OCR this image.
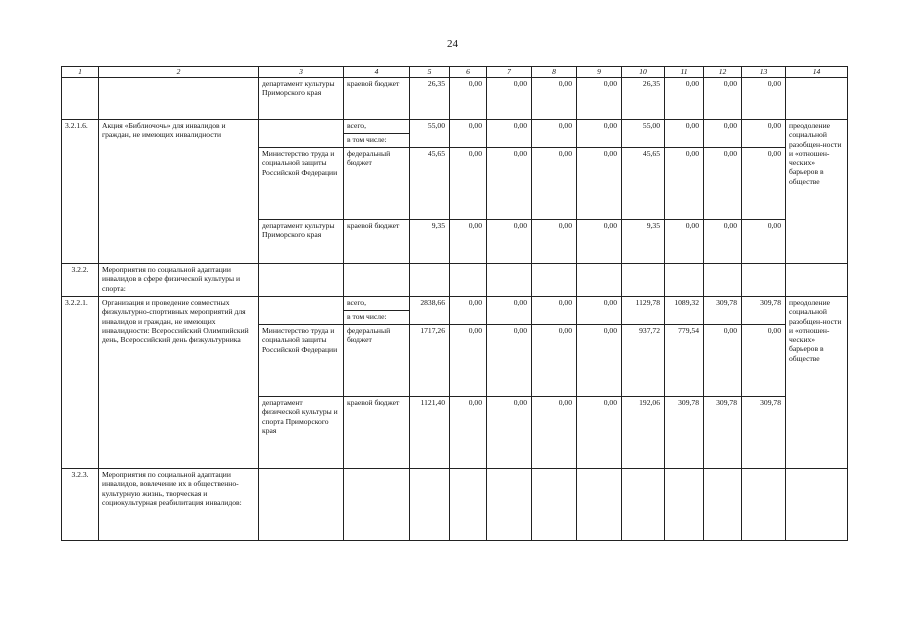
24
1	2	3	4	5	6	7	8	9	10	11	12	13	14
		департамент культуры Приморского края	краевой бюджет	26,35	0,00	0,00	0,00	0,00	26,35	0,00	0,00	0,00	
3.2.1.6.	Акция «Библиочочь» для инвалидов и граждан, не имеющих инвалидности		всего,	55,00	0,00	0,00	0,00	0,00	55,00	0,00	0,00	0,00	преодоление социальной разобщен-ности и «отношен-ческих» барьеров в обществе
			в том числе:										
		Министерство труда и социальной защиты Российской Федерации	федеральный бюджет	45,65	0,00	0,00	0,00	0,00	45,65	0,00	0,00	0,00	
		департамент культуры Приморского края	краевой бюджет	9,35	0,00	0,00	0,00	0,00	9,35	0,00	0,00	0,00	
3.2.2.	Мероприятия по социальной адаптации инвалидов в сфере физической культуры и спорта:												
3.2.2.1.	Организация и проведение совместных физкультурно-спортивных мероприятий для инвалидов и граждан, не имеющих инвалидности: Всероссийский Олимпийский день, Всероссийский день физкультурника		всего,	2838,66	0,00	0,00	0,00	0,00	1129,78	1089,32	309,78	309,78	преодоление социальной разобщен-ности и «отношен-ческих» барьеров в обществе
			в том числе:										
		Министерство труда и социальной защиты Российской Федерации	федеральный бюджет	1717,26	0,00	0,00	0,00	0,00	937,72	779,54	0,00	0,00	
		департамент физической культуры и спорта Приморского края	краевой бюджет	1121,40	0,00	0,00	0,00	0,00	192,06	309,78	309,78	309,78	
3.2.3.	Мероприятия по социальной адаптации инвалидов, вовлечение их в общественно-культурную жизнь, творческая и социокультурная реабилитация инвалидов:												
